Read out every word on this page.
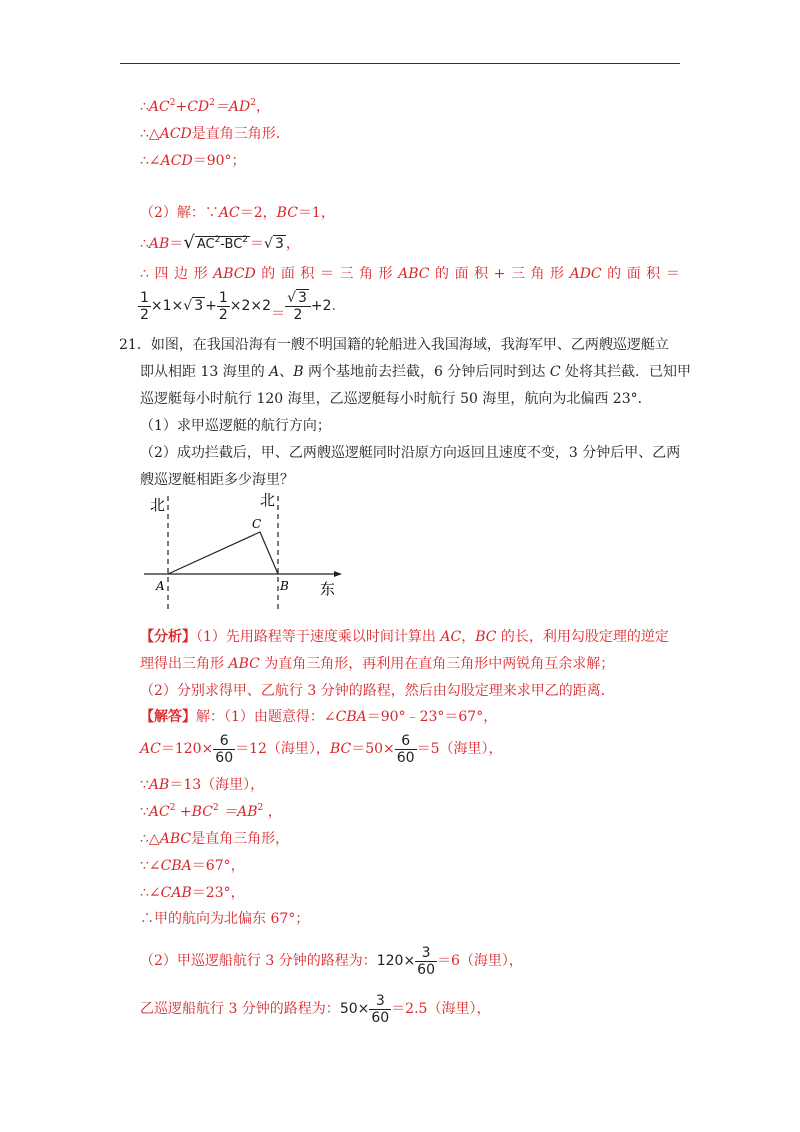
$\therefore AC^2+CD^2=AD^2$，
∴△ACD是直角三角形．
∴∠ACD＝90°；
（2）解：∵AC＝2，BC＝1，
∴AB＝√ $AC^2-BC^2$ ＝√ 3 ，
∴ 四 边 形 ABCD 的 面 积 ＝ 三 角 形 ABC 的 面 积 + 三 角 形 ADC 的 面 积 ＝
$\frac{1}{2} \times 1\times√$ $3 + \frac{1}{2} \times 2\times 2= \frac{√ 3}{2} +2$．
21．如图，在我国沿海有一艘不明国籍的轮船进入我国海域，我海军甲、乙两艘巡逻艇立
即从相距 13 海里的 A、B 两个基地前去拦截，6 分钟后同时到达 C 处将其拦截．已知甲
巡逻艇每小时航行 120 海里，乙巡逻艇每小时航行 50 海里，航向为北偏西 23°．
（1）求甲巡逻艇的航行方向；
（2）成功拦截后，甲、乙两艘巡逻艇同时沿原方向返回且速度不变，3 分钟后甲、乙两
艘巡逻艇相距多少海里？
北	北
东
A	B
C
【分析】（1）先用路程等于速度乘以时间计算出 AC，BC 的长，利用勾股定理的逆定
理得出三角形 ABC 为直角三角形，再利用在直角三角形中两锐角互余求解；
（2）分别求得甲、乙航行 3 分钟的路程，然后由勾股定理来求甲乙的距离．
【解答】解：（1）由题意得：∠CBA＝90°﹣23°＝67°，
$AC=120\times \frac{6}{60} =12$（海里），$BC=50\times \frac{6}{60} =5$（海里），
∵AB＝13（海里），
$\because AC^2 +BC^2 =AB^2$ ，
∴△ABC是直角三角形，
∵∠CBA＝67°，
∴∠CAB＝23°，
∴甲的航向为北偏东 67°；
（2）甲巡逻船航行 3 分钟的路程为：$120\times \frac{3}{60} =6$（海里），
乙巡逻船航行 3 分钟的路程为：$50\times \frac{3}{60} =2.5$（海里），
